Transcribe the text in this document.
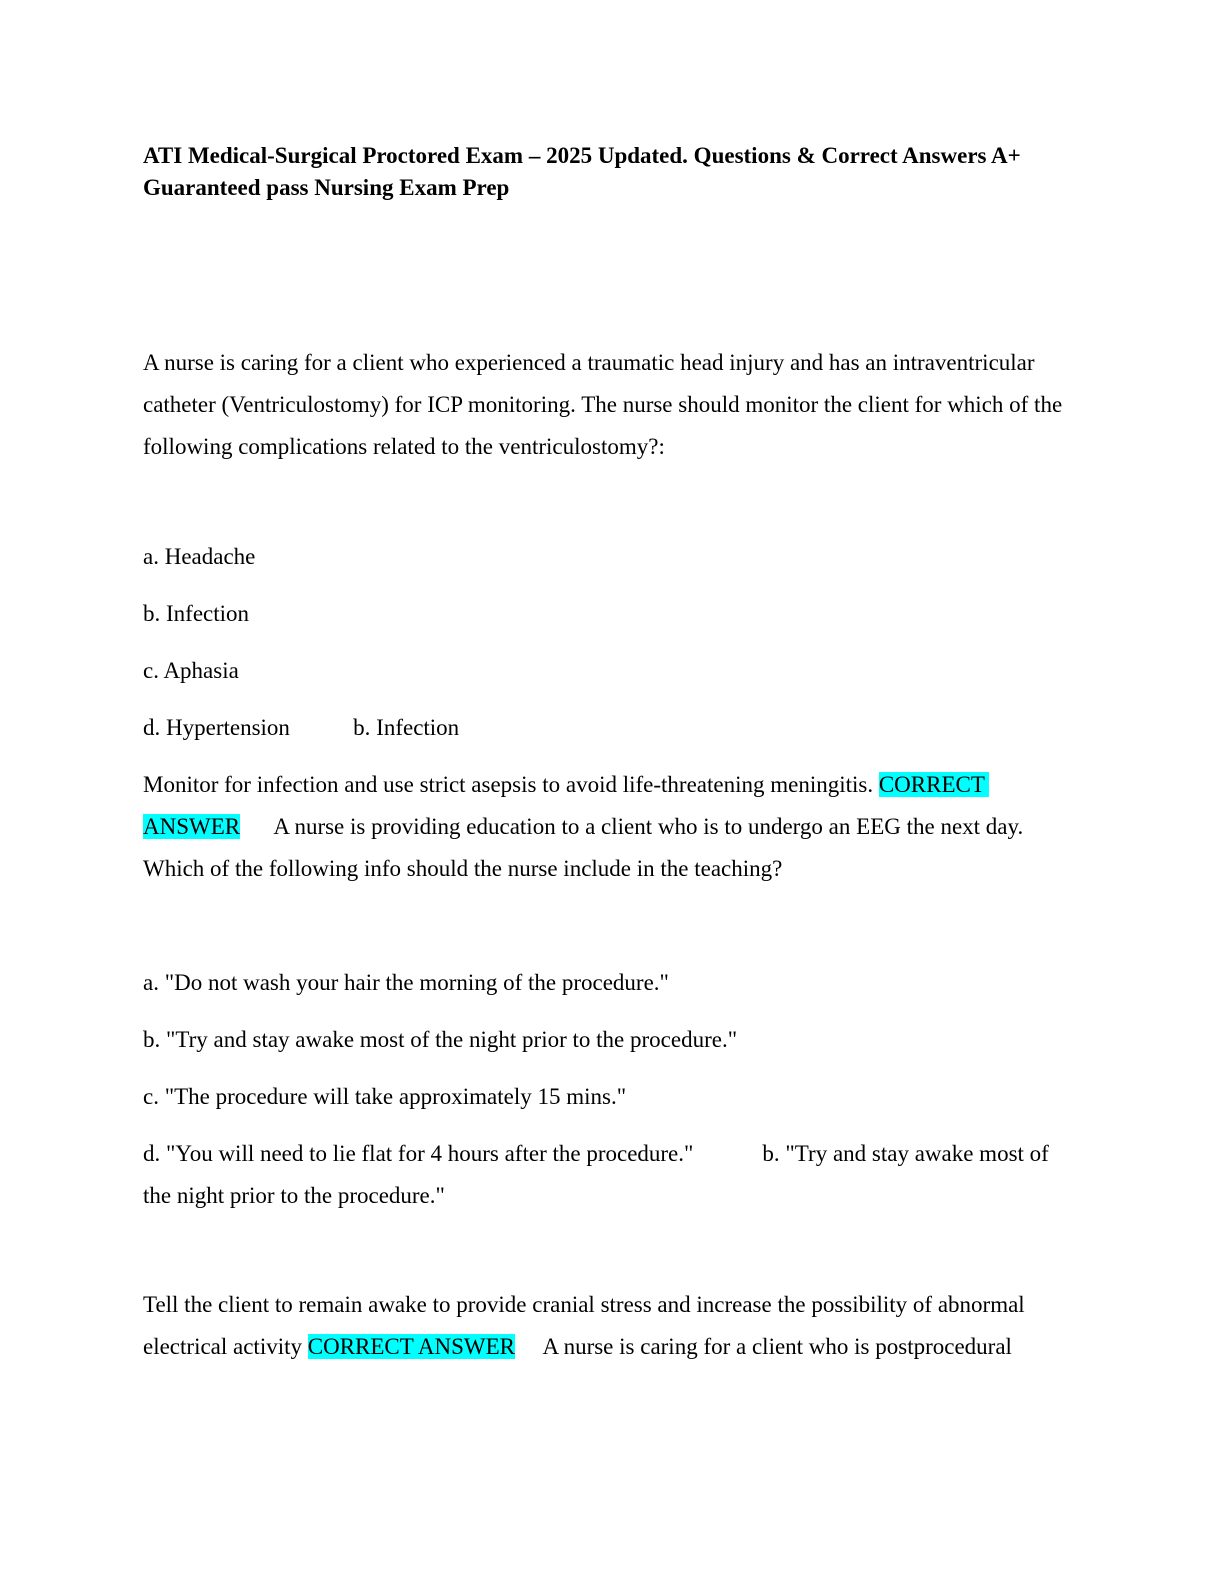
ATI Medical-Surgical Proctored Exam – 2025 Updated. Questions & Correct Answers A+ Guaranteed pass Nursing Exam Prep

A nurse is caring for a client who experienced a traumatic head injury and has an intraventricular catheter (Ventriculostomy) for ICP monitoring. The nurse should monitor the client for which of the following complications related to the ventriculostomy?:

a. Headache

b. Infection

c. Aphasia

d. Hypertension           b. Infection

Monitor for infection and use strict asepsis to avoid life-threatening meningitis. CORRECT ANSWER      A nurse is providing education to a client who is to undergo an EEG the next day. Which of the following info should the nurse include in the teaching?

a. "Do not wash your hair the morning of the procedure."

b. "Try and stay awake most of the night prior to the procedure."

c. "The procedure will take approximately 15 mins."

d. "You will need to lie flat for 4 hours after the procedure."            b. "Try and stay awake most of the night prior to the procedure."

Tell the client to remain awake to provide cranial stress and increase the possibility of abnormal electrical activity CORRECT ANSWER     A nurse is caring for a client who is postprocedural
